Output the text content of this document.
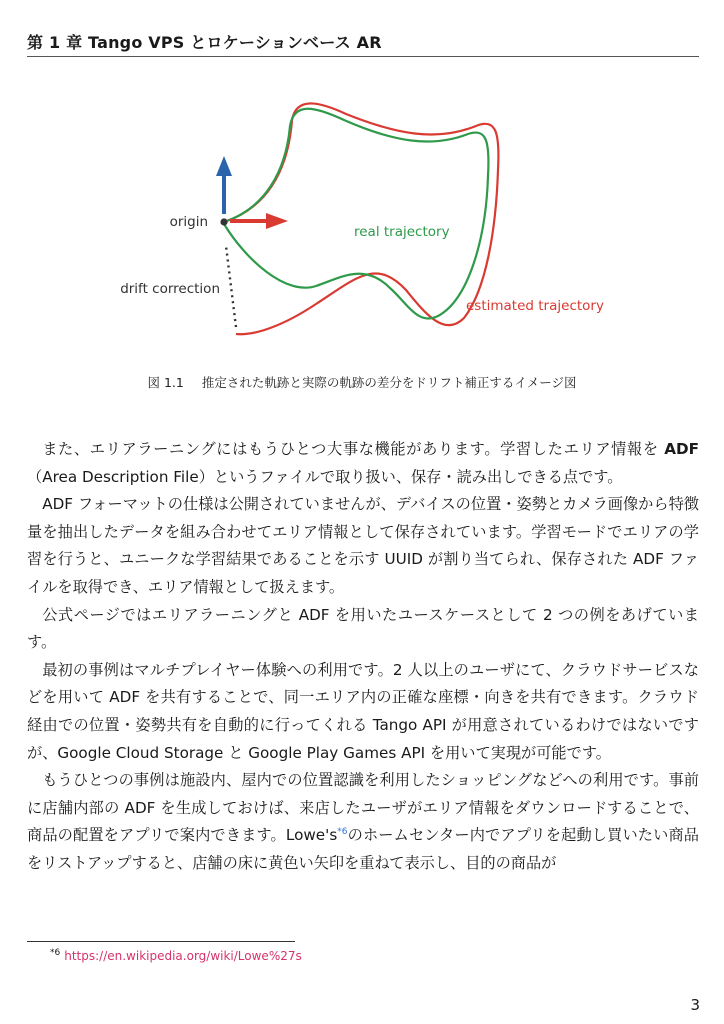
第 1 章 Tango VPS とロケーションベース AR
origin
drift correction
real trajectory
estimated trajectory
図 1.1 推定された軌跡と実際の軌跡の差分をドリフト補正するイメージ図

また、エリアラーニングにはもうひとつ大事な機能があります。学習したエリア情報を ADF（Area Description File）というファイルで取り扱い、保存・読み出しできる点です。

ADF フォーマットの仕様は公開されていませんが、デバイスの位置・姿勢とカメラ画像から特徴量を抽出したデータを組み合わせてエリア情報として保存されています。学習モードでエリアの学習を行うと、ユニークな学習結果であることを示す UUID が割り当てられ、保存された ADF ファイルを取得でき、エリア情報として扱えます。

公式ページではエリアラーニングと ADF を用いたユースケースとして 2 つの例をあげています。

最初の事例はマルチプレイヤー体験への利用です。2 人以上のユーザにて、クラウドサービスなどを用いて ADF を共有することで、同一エリア内の正確な座標・向きを共有できます。クラウド経由での位置・姿勢共有を自動的に行ってくれる Tango API が用意されているわけではないですが、Google Cloud Storage と Google Play Games API を用いて実現が可能です。

もうひとつの事例は施設内、屋内での位置認識を利用したショッピングなどへの利用です。事前に店舗内部の ADF を生成しておけば、来店したユーザがエリア情報をダウンロードすることで、商品の配置をアプリで案内できます。Lowe's$^{*6}$のホームセンター内でアプリを起動し買いたい商品をリストアップすると、店舗の床に黄色い矢印を重ねて表示し、目的の商品が

$^{*6}$ https://en.wikipedia.org/wiki/Lowe%27s
3
